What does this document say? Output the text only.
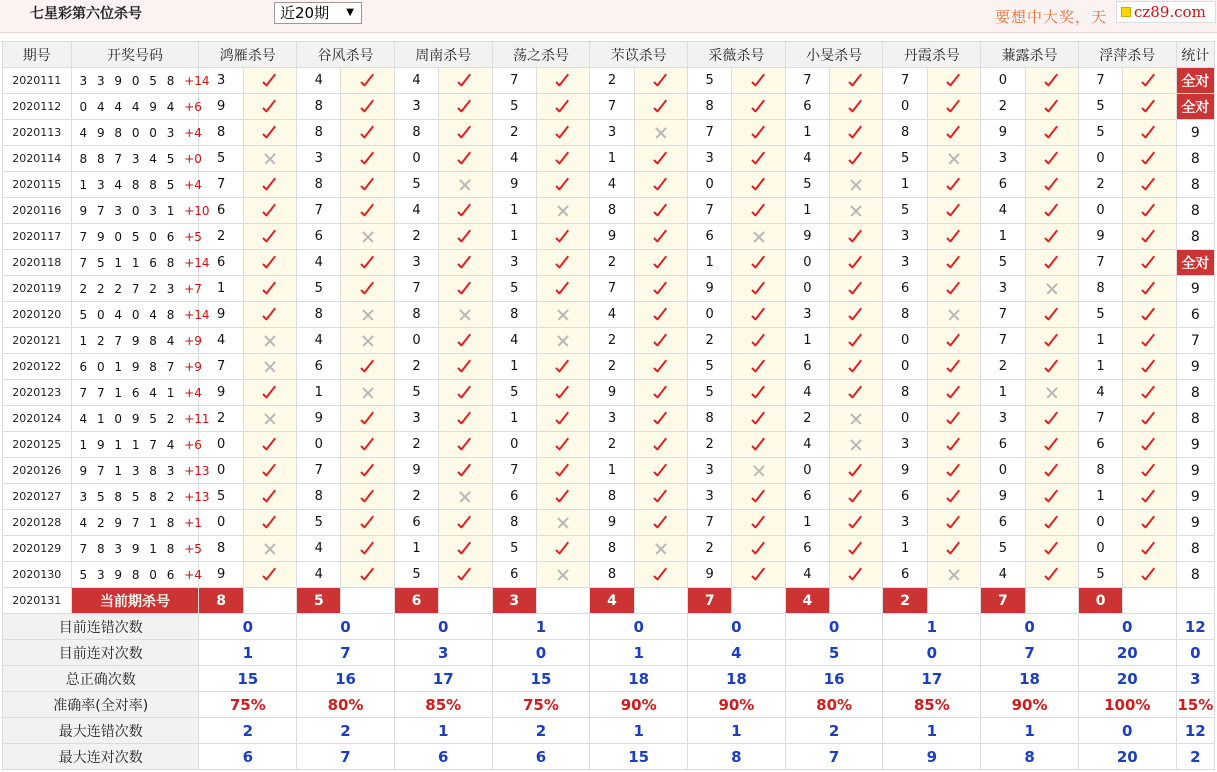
七星彩第六位杀号	近20期 ▼	要想中大奖，天	cz89.com
期号	开奖号码	鸿雁杀号		谷风杀号		周南杀号		荡之杀号		芣苡杀号		采薇杀号		小旻杀号		丹霞杀号		蒹露杀号		浮萍杀号		统计
2020111	3 3 9 0 5 8 +14	3		4		4		7		2		5		7		7		0		7		全对
2020112	0 4 4 4 9 4 +6	9		8		3		5		7		8		6		0		2		5		全对
2020113	4 9 8 0 0 3 +4	8		8		8		2		3		7		1		8		9		5		9
2020114	8 8 7 3 4 5 +0	5		3		0		4		1		3		4		5		3		0		8
2020115	1 3 4 8 8 5 +4	7		8		5		9		4		0		5		1		6		2		8
2020116	9 7 3 0 3 1 +10	6		7		4		1		8		7		1		5		4		0		8
2020117	7 9 0 5 0 6 +5	2		6		2		1		9		6		9		3		1		9		8
2020118	7 5 1 1 6 8 +14	6		4		3		3		2		1		0		3		5		7		全对
2020119	2 2 2 7 2 3 +7	1		5		7		5		7		9		0		6		3		8		9
2020120	5 0 4 0 4 8 +14	9		8		8		8		4		0		3		8		7		5		6
2020121	1 2 7 9 8 4 +9	4		4		0		4		2		2		1		0		7		1		7
2020122	6 0 1 9 8 7 +9	7		6		2		1		2		5		6		0		2		1		9
2020123	7 7 1 6 4 1 +4	9		1		5		5		9		5		4		8		1		4		8
2020124	4 1 0 9 5 2 +11	2		9		3		1		3		8		2		0		3		7		8
2020125	1 9 1 1 7 4 +6	0		0		2		0		2		2		4		3		6		6		9
2020126	9 7 1 3 8 3 +13	0		7		9		7		1		3		0		9		0		8		9
2020127	3 5 8 5 8 2 +13	5		8		2		6		8		3		6		6		9		1		9
2020128	4 2 9 7 1 8 +1	0		5		6		8		9		7		1		3		6		0		9
2020129	7 8 3 9 1 8 +5	8		4		1		5		8		2		6		1		5		0		8
2020130	5 3 9 8 0 6 +4	9		4		5		6		8		9		4		6		4		5		8
2020131	当前期杀号	8		5		6		3		4		7		4		2		7		0		
目前连错次数		0		0		0		1		0		0		0		1		0		0		12
目前连对次数		1		7		3		0		1		4		5		0		7		20		0
总正确次数		15		16		17		15		18		18		16		17		18		20		3
准确率(全对率)		75%		80%		85%		75%		90%		90%		80%		85%		90%		100%		15%
最大连错次数		2		2		1		2		1		1		2		1		1		0		12
最大连对次数		6		7		6		6		15		8		7		9		8		20		2
